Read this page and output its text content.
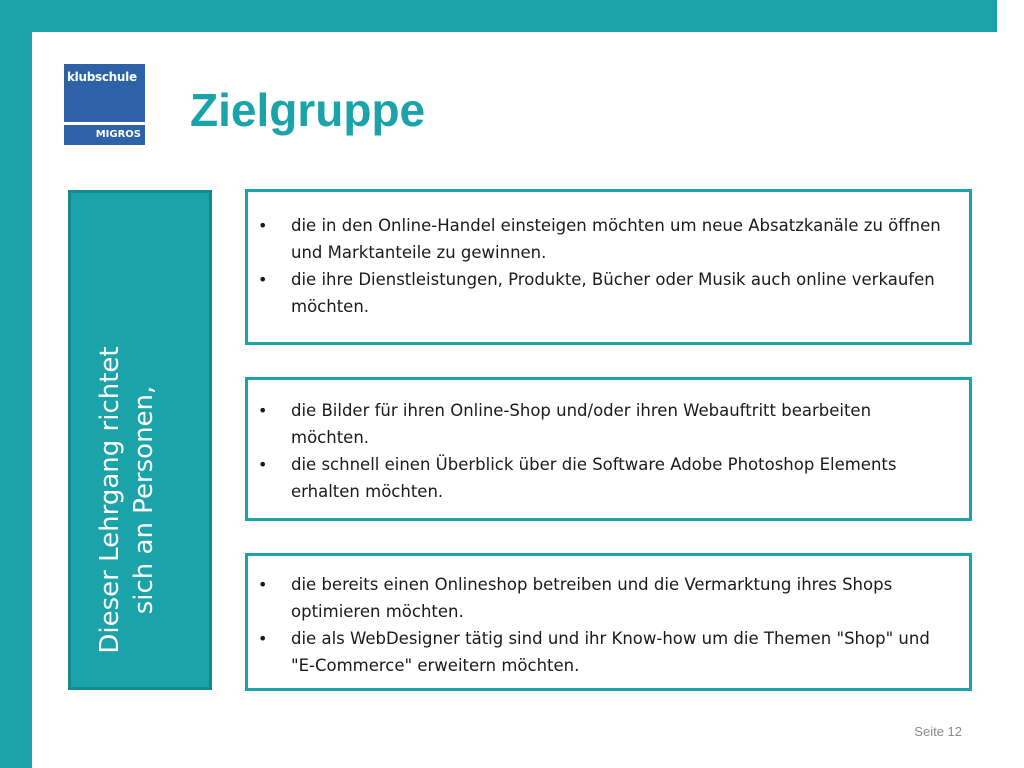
klubschule
MIGROS Zielgruppe
Dieser Lehrgang richtet sich an Personen,
• die in den Online-Handel einsteigen möchten um neue Absatzkanäle zu öffnen und Marktanteile zu gewinnen.
• die ihre Dienstleistungen, Produkte, Bücher oder Musik auch online verkaufen möchten.
• die Bilder für ihren Online-Shop und/oder ihren Webauftritt bearbeiten möchten.
• die schnell einen Überblick über die Software Adobe Photoshop Elements erhalten möchten.
• die bereits einen Onlineshop betreiben und die Vermarktung ihres Shops optimieren möchten.
• die als WebDesigner tätig sind und ihr Know-how um die Themen "Shop" und "E-Commerce" erweitern möchten.
Seite 12
